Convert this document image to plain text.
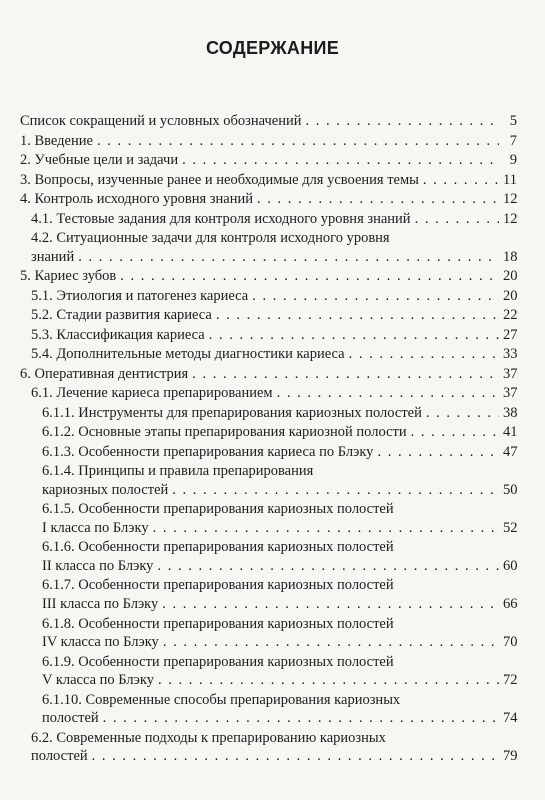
СОДЕРЖАНИЕ
Список сокращений и условных обозначений . . .	5
1. Введение . . .	7
2. Учебные цели и задачи . . .	9
3. Вопросы, изученные ранее и необходимые для усвоения темы . . .	11
4. Контроль исходного уровня знаний . . .	12
4.1. Тестовые задания для контроля исходного уровня знаний . . .	12
4.2. Ситуационные задачи для контроля исходного уровня
знаний . . .	18
5. Кариес зубов . . .	20
5.1. Этиология и патогенез кариеса . . .	20
5.2. Стадии развития кариеса . . .	22
5.3. Классификация кариеса . . .	27
5.4. Дополнительные методы диагностики кариеса . . .	33
6. Оперативная дентистрия . . .	37
6.1. Лечение кариеса препарированием . . .	37
6.1.1. Инструменты для препарирования кариозных полостей . . .	38
6.1.2. Основные этапы препарирования кариозной полости . . .	41
6.1.3. Особенности препарирования кариеса по Блэку . . .	47
6.1.4. Принципы и правила препарирования
кариозных полостей . . .	50
6.1.5. Особенности препарирования кариозных полостей
I класса по Блэку . . .	52
6.1.6. Особенности препарирования кариозных полостей
II класса по Блэку . . .	60
6.1.7. Особенности препарирования кариозных полостей
III класса по Блэку . . .	66
6.1.8. Особенности препарирования кариозных полостей
IV класса по Блэку . . .	70
6.1.9. Особенности препарирования кариозных полостей
V класса по Блэку . . .	72
6.1.10. Современные способы препарирования кариозных
полостей . . .	74
6.2. Современные подходы к препарированию кариозных
полостей . . .	79
